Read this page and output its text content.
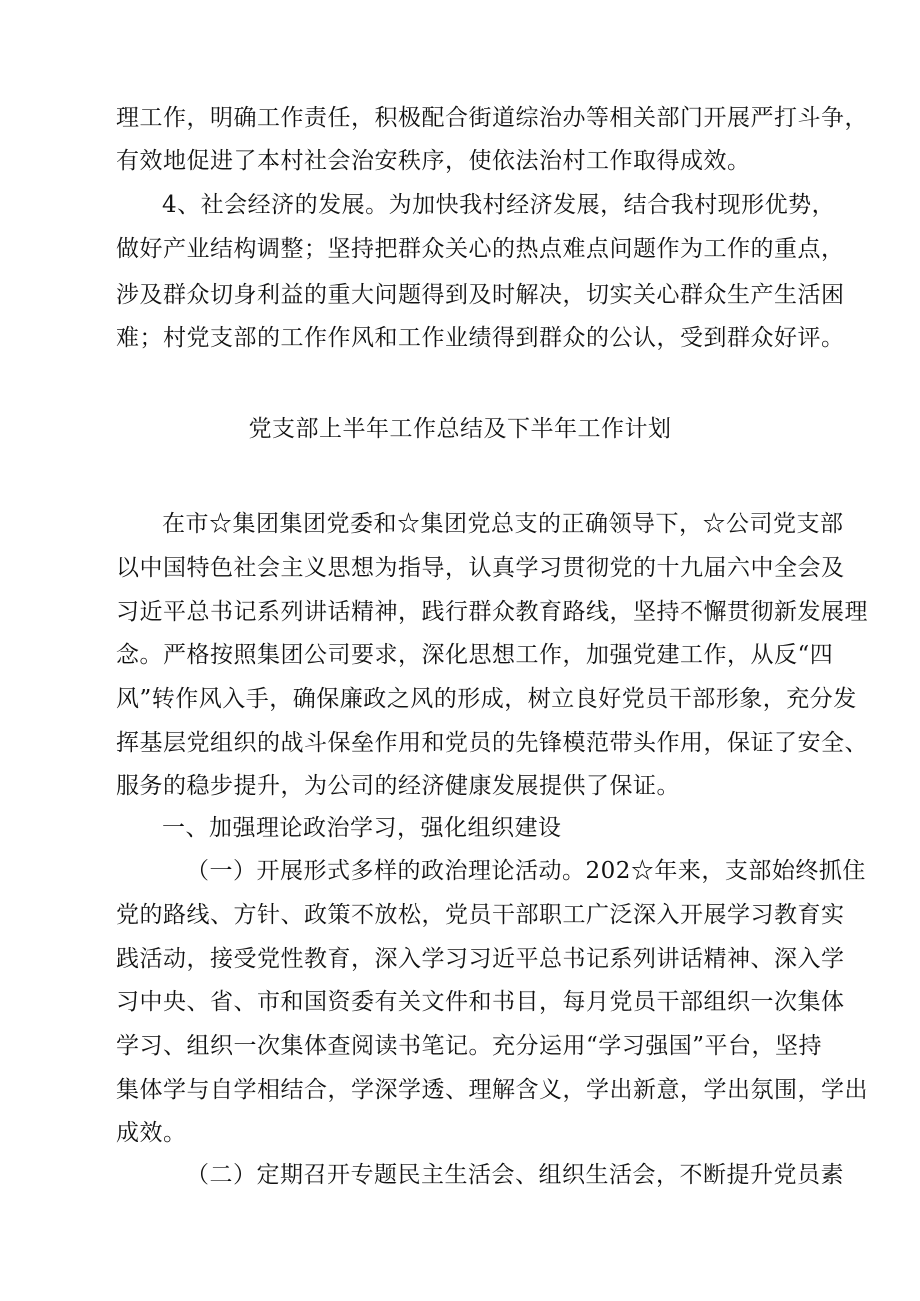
理工作，明确工作责任，积极配合街道综治办等相关部门开展严打斗争，
有效地促进了本村社会治安秩序，使依法治村工作取得成效。
4、社会经济的发展。为加快我村经济发展，结合我村现形优势，
做好产业结构调整；坚持把群众关心的热点难点问题作为工作的重点，
涉及群众切身利益的重大问题得到及时解决，切实关心群众生产生活困
难；村党支部的工作作风和工作业绩得到群众的公认，受到群众好评。
党支部上半年工作总结及下半年工作计划
在市☆集团集团党委和☆集团党总支的正确领导下，☆公司党支部
以中国特色社会主义思想为指导，认真学习贯彻党的十九届六中全会及
习近平总书记系列讲话精神，践行群众教育路线，坚持不懈贯彻新发展理
念。严格按照集团公司要求，深化思想工作，加强党建工作，从反“四
风”转作风入手，确保廉政之风的形成，树立良好党员干部形象，充分发
挥基层党组织的战斗保垒作用和党员的先锋模范带头作用，保证了安全、
服务的稳步提升，为公司的经济健康发展提供了保证。
一、加强理论政治学习，强化组织建设
（一）开展形式多样的政治理论活动。202☆年来，支部始终抓住
党的路线、方针、政策不放松，党员干部职工广泛深入开展学习教育实
践活动，接受党性教育，深入学习习近平总书记系列讲话精神、深入学
习中央、省、市和国资委有关文件和书目，每月党员干部组织一次集体
学习、组织一次集体查阅读书笔记。充分运用“学习强国”平台，坚持
集体学与自学相结合，学深学透、理解含义，学出新意，学出氛围，学出
成效。
（二）定期召开专题民主生活会、组织生活会，不断提升党员素
